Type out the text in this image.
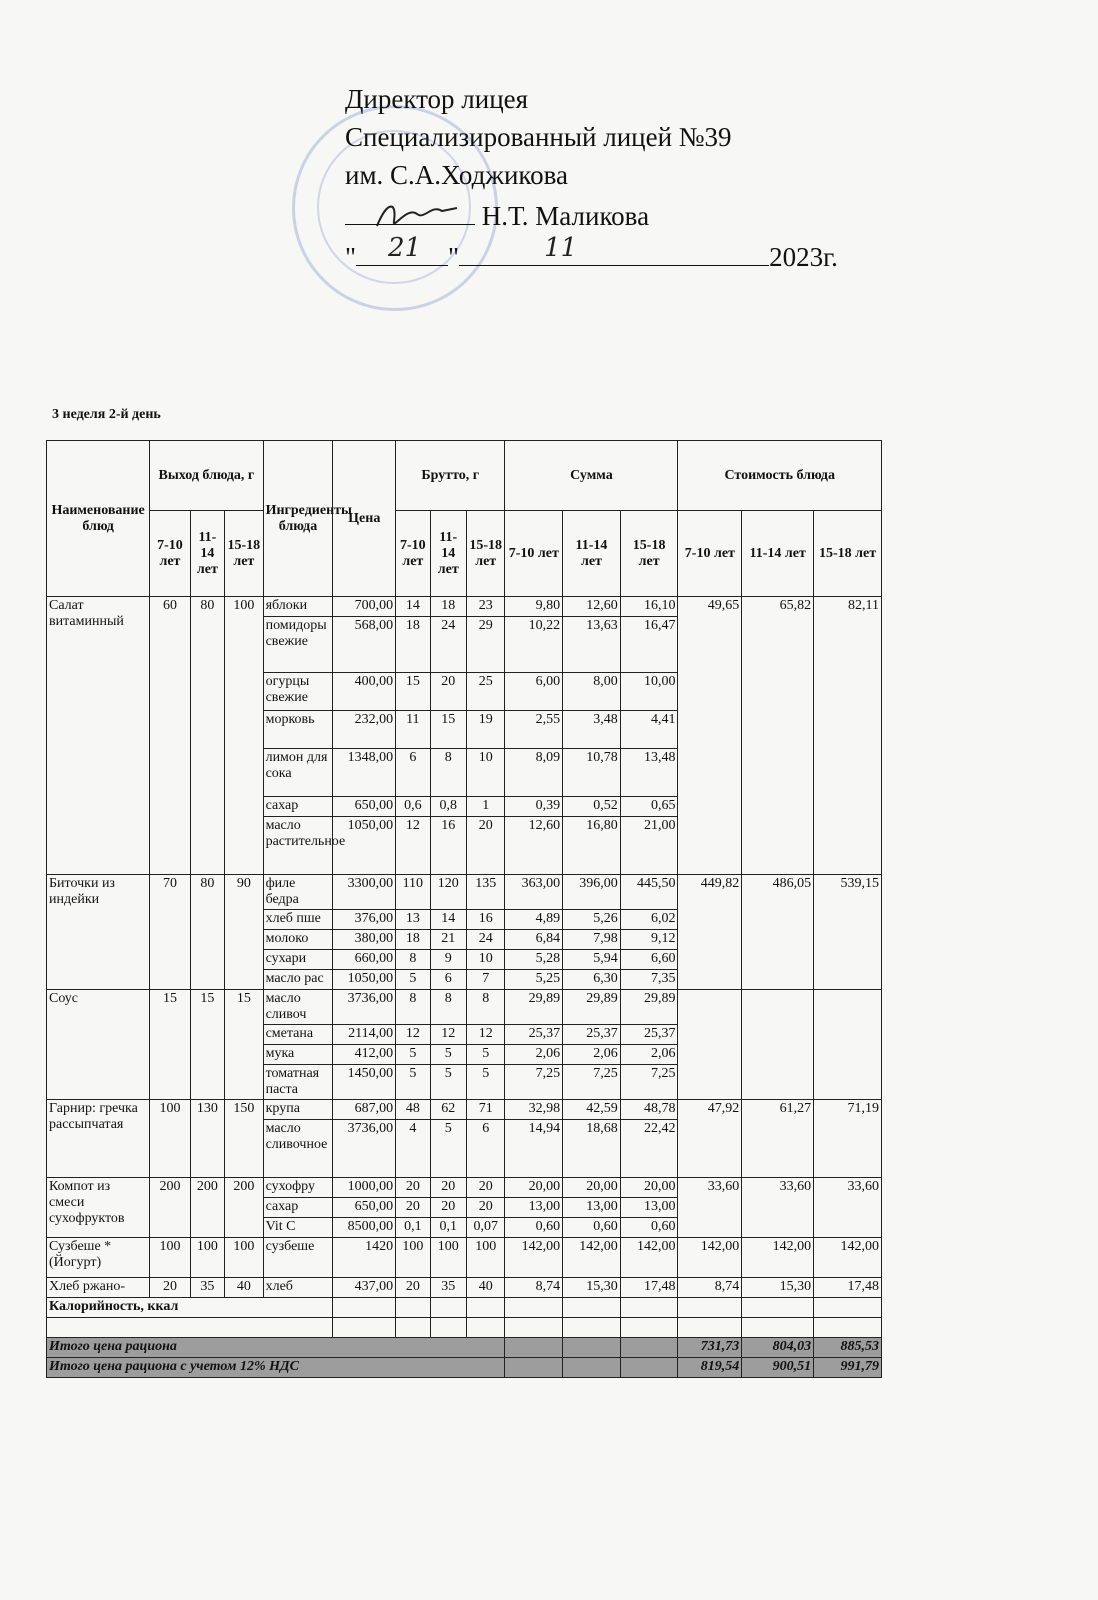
Директор лицея
Специализированный лицей №39
им. С.А.Ходжикова
Н.Т. Маликова
" 21 "	11	2023г.
3 неделя 2-й день
Наименование блюд	Выход блюда, г			Ингредиенты блюда	Цена	Брутто, г			Сумма			Стоимость блюда		
	7-10 лет	11-14 лет	15-18 лет			7-10 лет	11-14 лет	15-18 лет	7-10 лет	11-14 лет	15-18 лет	7-10 лет	11-14 лет	15-18 лет
Салат витаминный	60	80	100	яблоки	700,00	14	18	23	9,80	12,60	16,10	49,65	65,82	82,11
				помидоры свежие	568,00	18	24	29	10,22	13,63	16,47			
				огурцы свежие	400,00	15	20	25	6,00	8,00	10,00			
				морковь	232,00	11	15	19	2,55	3,48	4,41			
				лимон для сока	1348,00	6	8	10	8,09	10,78	13,48			
				сахар	650,00	0,6	0,8	1	0,39	0,52	0,65			
				масло растительное	1050,00	12	16	20	12,60	16,80	21,00			
Биточки из индейки	70	80	90	филе бедра	3300,00	110	120	135	363,00	396,00	445,50	449,82	486,05	539,15
				хлеб пше	376,00	13	14	16	4,89	5,26	6,02			
				молоко	380,00	18	21	24	6,84	7,98	9,12			
				сухари	660,00	8	9	10	5,28	5,94	6,60			
				масло рас	1050,00	5	6	7	5,25	6,30	7,35			
Соус	15	15	15	масло сливоч	3736,00	8	8	8	29,89	29,89	29,89			
				сметана	2114,00	12	12	12	25,37	25,37	25,37			
				мука	412,00	5	5	5	2,06	2,06	2,06			
				томатная паста	1450,00	5	5	5	7,25	7,25	7,25			
Гарнир: гречка рассыпчатая	100	130	150	крупа	687,00	48	62	71	32,98	42,59	48,78	47,92	61,27	71,19
				масло сливочное	3736,00	4	5	6	14,94	18,68	22,42			
Компот из смеси сухофруктов	200	200	200	сухофру	1000,00	20	20	20	20,00	20,00	20,00	33,60	33,60	33,60
				сахар	650,00	20	20	20	13,00	13,00	13,00			
				Vit C	8500,00	0,1	0,1	0,07	0,60	0,60	0,60			
Сузбеше *(Йогурт)	100	100	100	сузбеше	1420	100	100	100	142,00	142,00	142,00	142,00	142,00	142,00
Хлеб ржано-	20	35	40	хлеб	437,00	20	35	40	8,74	15,30	17,48	8,74	15,30	17,48
Калорийность, ккал														

Итого цена рациона												731,73	804,03	885,53
Итого цена рациона с учетом 12% НДС												819,54	900,51	991,79
